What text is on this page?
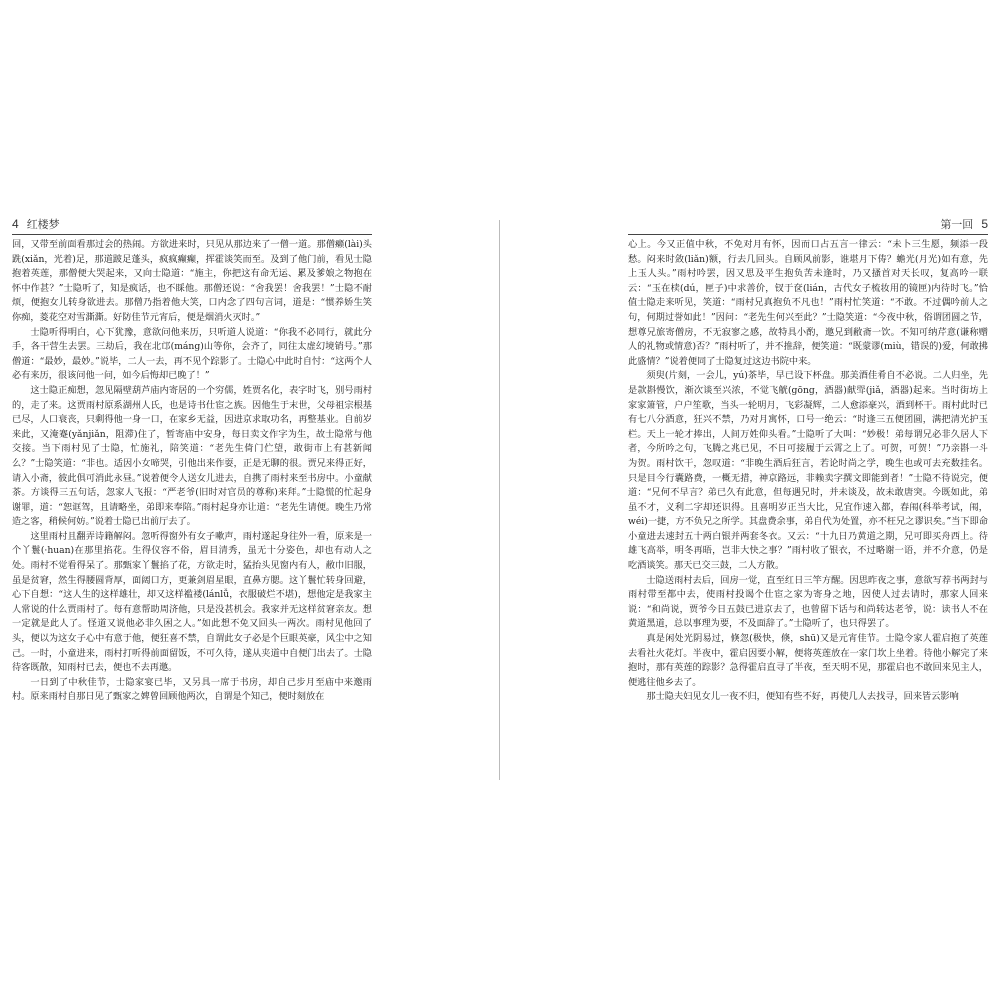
4 红楼梦

回，又带至前面看那过会的热闹。方欲进来时，只见从那边来了一僧一道。那僧癞(lài)头跣(xiǎn，光着)足，那道跛足蓬头，疯疯癫癫，挥霍谈笑而至。及到了他门前，看见士隐抱着英莲，那僧便大哭起来，又向士隐道：“施主，你把这有命无运、累及爹娘之物抱在怀中作甚？”士隐听了，知是疯话，也不睬他。那僧还说：“舍我罢！舍我罢！”士隐不耐烦，便抱女儿转身欲进去。那僧乃指着他大笑，口内念了四句言词，道是：“惯养娇生笑你痴，菱花空对雪澌澌。好防佳节元宵后，便是烟消火灭时。”

士隐听得明白，心下犹豫，意欲问他来历，只听道人说道：“你我不必同行，就此分手，各干营生去罢。三劫后，我在北邙(máng)山等你，会齐了，同往太虚幻境销号。”那僧道：“最妙，最妙。”说毕，二人一去，再不见个踪影了。士隐心中此时自忖：“这两个人必有来历，很该问他一问，如今后悔却已晚了！”

这士隐正痴想，忽见隔壁葫芦庙内寄居的一个穷儒，姓贾名化，表字时飞，别号雨村的，走了来。这贾雨村原系湖州人氏，也是诗书仕宦之族。因他生于末世，父母祖宗根基已尽，人口衰丧，只剩得他一身一口，在家乡无益，因进京求取功名，再整基业。自前岁来此，又淹蹇(yǎnjiǎn，阻滞)住了，暂寄庙中安身，每日卖文作字为生，故士隐常与他交接。当下雨村见了士隐，忙施礼，陪笑道：“老先生倚门伫望，敢街市上有甚新闻么？”士隐笑道：“非也。适因小女啼哭，引他出来作耍，正是无聊的很。贾兄来得正好，请入小斋，彼此俱可消此永昼。”说着便令人送女儿进去，自携了雨村来至书房中。小童献茶。方谈得三五句话，忽家人飞报：“严老爷(旧时对官员的尊称)来拜。”士隐慌的忙起身谢罪，道：“恕诓驾，且请略坐，弟即来奉陪。”雨村起身亦让道：“老先生请便。晚生乃常造之客，稍候何妨。”说着士隐已出前厅去了。

这里雨村且翻弄诗籍解闷。忽听得窗外有女子嗽声，雨村遂起身往外一看，原来是一个丫鬟(·huan)在那里掐花。生得仪容不俗，眉目清秀，虽无十分姿色，却也有动人之处。雨村不觉看得呆了。那甄家丫鬟掐了花，方欲走时，猛抬头见窗内有人，敝巾旧服，虽是贫窘，然生得腰圆背厚，面阔口方，更兼剑眉星眼，直鼻方腮。这丫鬟忙转身回避，心下自想：“这人生的这样雄壮，却又这样褴褛(lánlǚ，衣服破烂不堪)，想他定是我家主人常说的什么贾雨村了。每有意帮助周济他，只是没甚机会。我家并无这样贫窘亲友。想一定就是此人了。怪道又说他必非久困之人。”如此想不免又回头一两次。雨村见他回了头，便以为这女子心中有意于他，便狂喜不禁，自谓此女子必是个巨眼英豪，风尘中之知己。一时，小童进来，雨村打听得前面留饭，不可久待，遂从夹道中自便门出去了。士隐待客既散，知雨村已去，便也不去再邀。

一日到了中秋佳节，士隐家宴已毕，又另具一席于书房，却自己步月至庙中来邀雨村。原来雨村自那日见了甄家之婢曾回顾他两次，自谓是个知己，便时刻放在

第一回 5

心上。今又正值中秋，不免对月有怀，因而口占五言一律云：“未卜三生愿，频添一段愁。闷来时敛(liǎn)额，行去几回头。自顾风前影，谁堪月下俦？蟾光(月光)如有意，先上玉人头。”雨村吟罢，因又思及平生抱负苦未逢时，乃又搔首对天长叹，复高吟一联云：“玉在椟(dú，匣子)中求善价，钗于奁(lián，古代女子梳妆用的镜匣)内待时飞。”恰值士隐走来听见，笑道：“雨村兄真抱负不凡也！”雨村忙笑道：“不敢。不过偶吟前人之句，何期过誉如此！”因问：“老先生何兴至此？”士隐笑道：“今夜中秋，俗谓团圆之节，想尊兄旅寄僧房，不无寂寥之感，故特具小酌，邀兄到敝斋一饮。不知可纳芹意(谦称赠人的礼物或情意)否？”雨村听了，并不推辞，便笑道：“既蒙谬(miù，错误的)爱，何敢拂此盛情？”说着便同了士隐复过这边书院中来。

须臾(片刻，一会儿，yú)茶毕，早已设下杯盘。那美酒佳肴自不必说。二人归坐，先是款斟慢饮，渐次谈至兴浓，不觉飞觥(gōng，酒器)献斝(jiǎ，酒器)起来。当时街坊上家家箫管，户户笙歌，当头一轮明月，飞彩凝辉，二人愈添豪兴，酒到杯干。雨村此时已有七八分酒意，狂兴不禁，乃对月寓怀，口号一绝云：“时逢三五便团圆，满把清光护玉栏。天上一轮才捧出，人间万姓仰头看。”士隐听了大叫：“妙极！弟每谓兄必非久居人下者，今所吟之句，飞腾之兆已见，不日可接履于云霄之上了。可贺，可贺！”乃亲斟一斗为贺。雨村饮干，忽叹道：“非晚生酒后狂言，若论时尚之学，晚生也或可去充数挂名。只是目今行囊路费，一概无措，神京路远，非赖卖字撰文即能到者！”士隐不待说完，便道：“兄何不早言？弟已久有此意，但每遇兄时，并未谈及，故未敢唐突。今既如此，弟虽不才，义利二字却还识得。且喜明岁正当大比，兄宜作速入都，春闱(科举考试，闱，wéi)一捷，方不负兄之所学。其盘费余事，弟自代为处置，亦不枉兄之谬识矣。”当下即命小童进去速封五十两白银并两套冬衣。又云：“十九日乃黄道之期，兄可即买舟西上。待雄飞高举，明冬再晤，岂非大快之事？”雨村收了银衣，不过略谢一语，并不介意，仍是吃酒谈笑。那天已交三鼓，二人方散。

士隐送雨村去后，回房一觉，直至红日三竿方醒。因思昨夜之事，意欲写荐书两封与雨村带至都中去，使雨村投谒个仕宦之家为寄身之地，因使人过去请时，那家人回来说：“和尚说，贾爷今日五鼓已进京去了，也曾留下话与和尚转达老爷，说：读书人不在黄道黑道，总以事理为要，不及面辞了。”士隐听了，也只得罢了。

真是闲处光阴易过，倏忽(极快，倏，shū)又是元宵佳节。士隐令家人霍启抱了英莲去看社火花灯。半夜中，霍启因要小解，便将英莲放在一家门坎上坐着。待他小解完了来抱时，那有英莲的踪影？急得霍启直寻了半夜，至天明不见，那霍启也不敢回来见主人，便逃往他乡去了。

那士隐夫妇见女儿一夜不归，便知有些不好，再使几人去找寻，回来皆云影响
